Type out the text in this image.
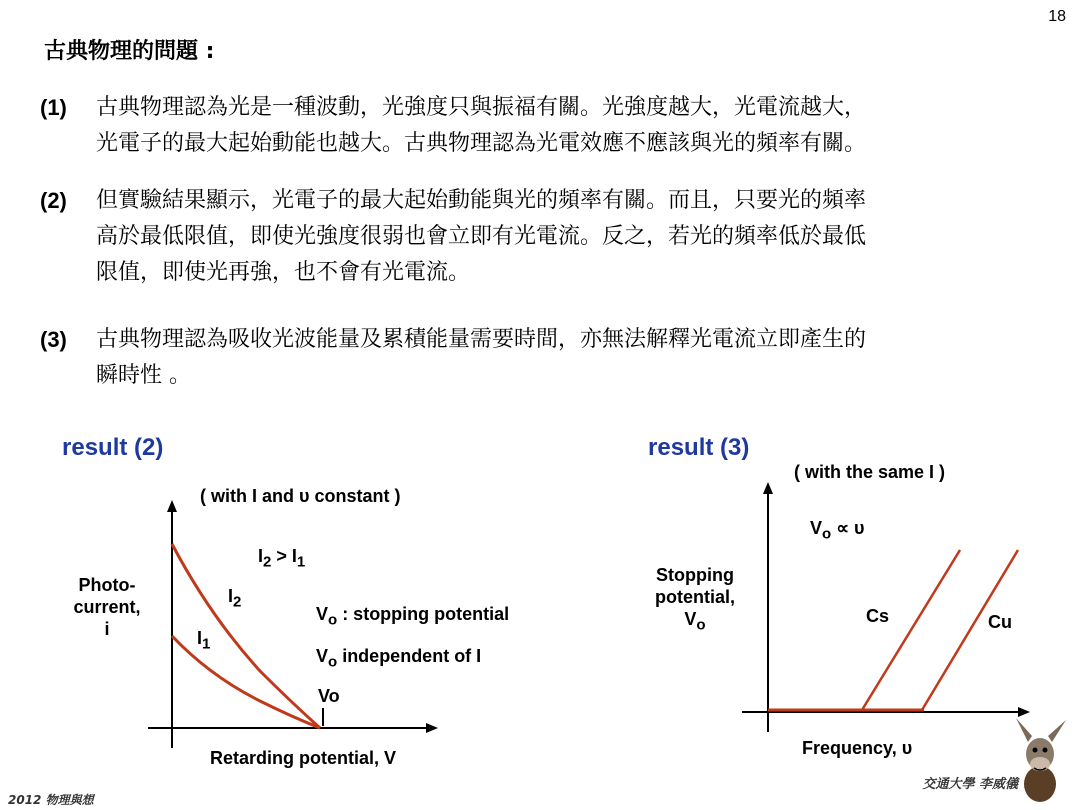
18
古典物理的問題 :
(1) 古典物理認為光是一種波動，光強度只與振福有關。光強度越大，光電流越大，
光電子的最大起始動能也越大。古典物理認為光電效應不應該與光的頻率有關。
(2) 但實驗結果顯示，光電子的最大起始動能與光的頻率有關。而且，只要光的頻率
高於最低限值，即使光強度很弱也會立即有光電流。反之，若光的頻率低於最低
限值，即使光再強，也不會有光電流。
(3) 古典物理認為吸收光波能量及累積能量需要時間，亦無法解釋光電流立即產生的
瞬時性 。
result (2)
( with I and υ constant )
Photo-
current,
i
$I_2 > I_1$
$I_2$
$I_1$
$V_o$ : stopping potential
$V_o$ independent of I
Vo
Retarding potential, V
result (3)
( with the same I )
Stopping
potential,
$V_o$
$V_o \propto \upsilon$
Cs	Cu
Frequency, υ
2012 物理與想
交通大學 李威儀
